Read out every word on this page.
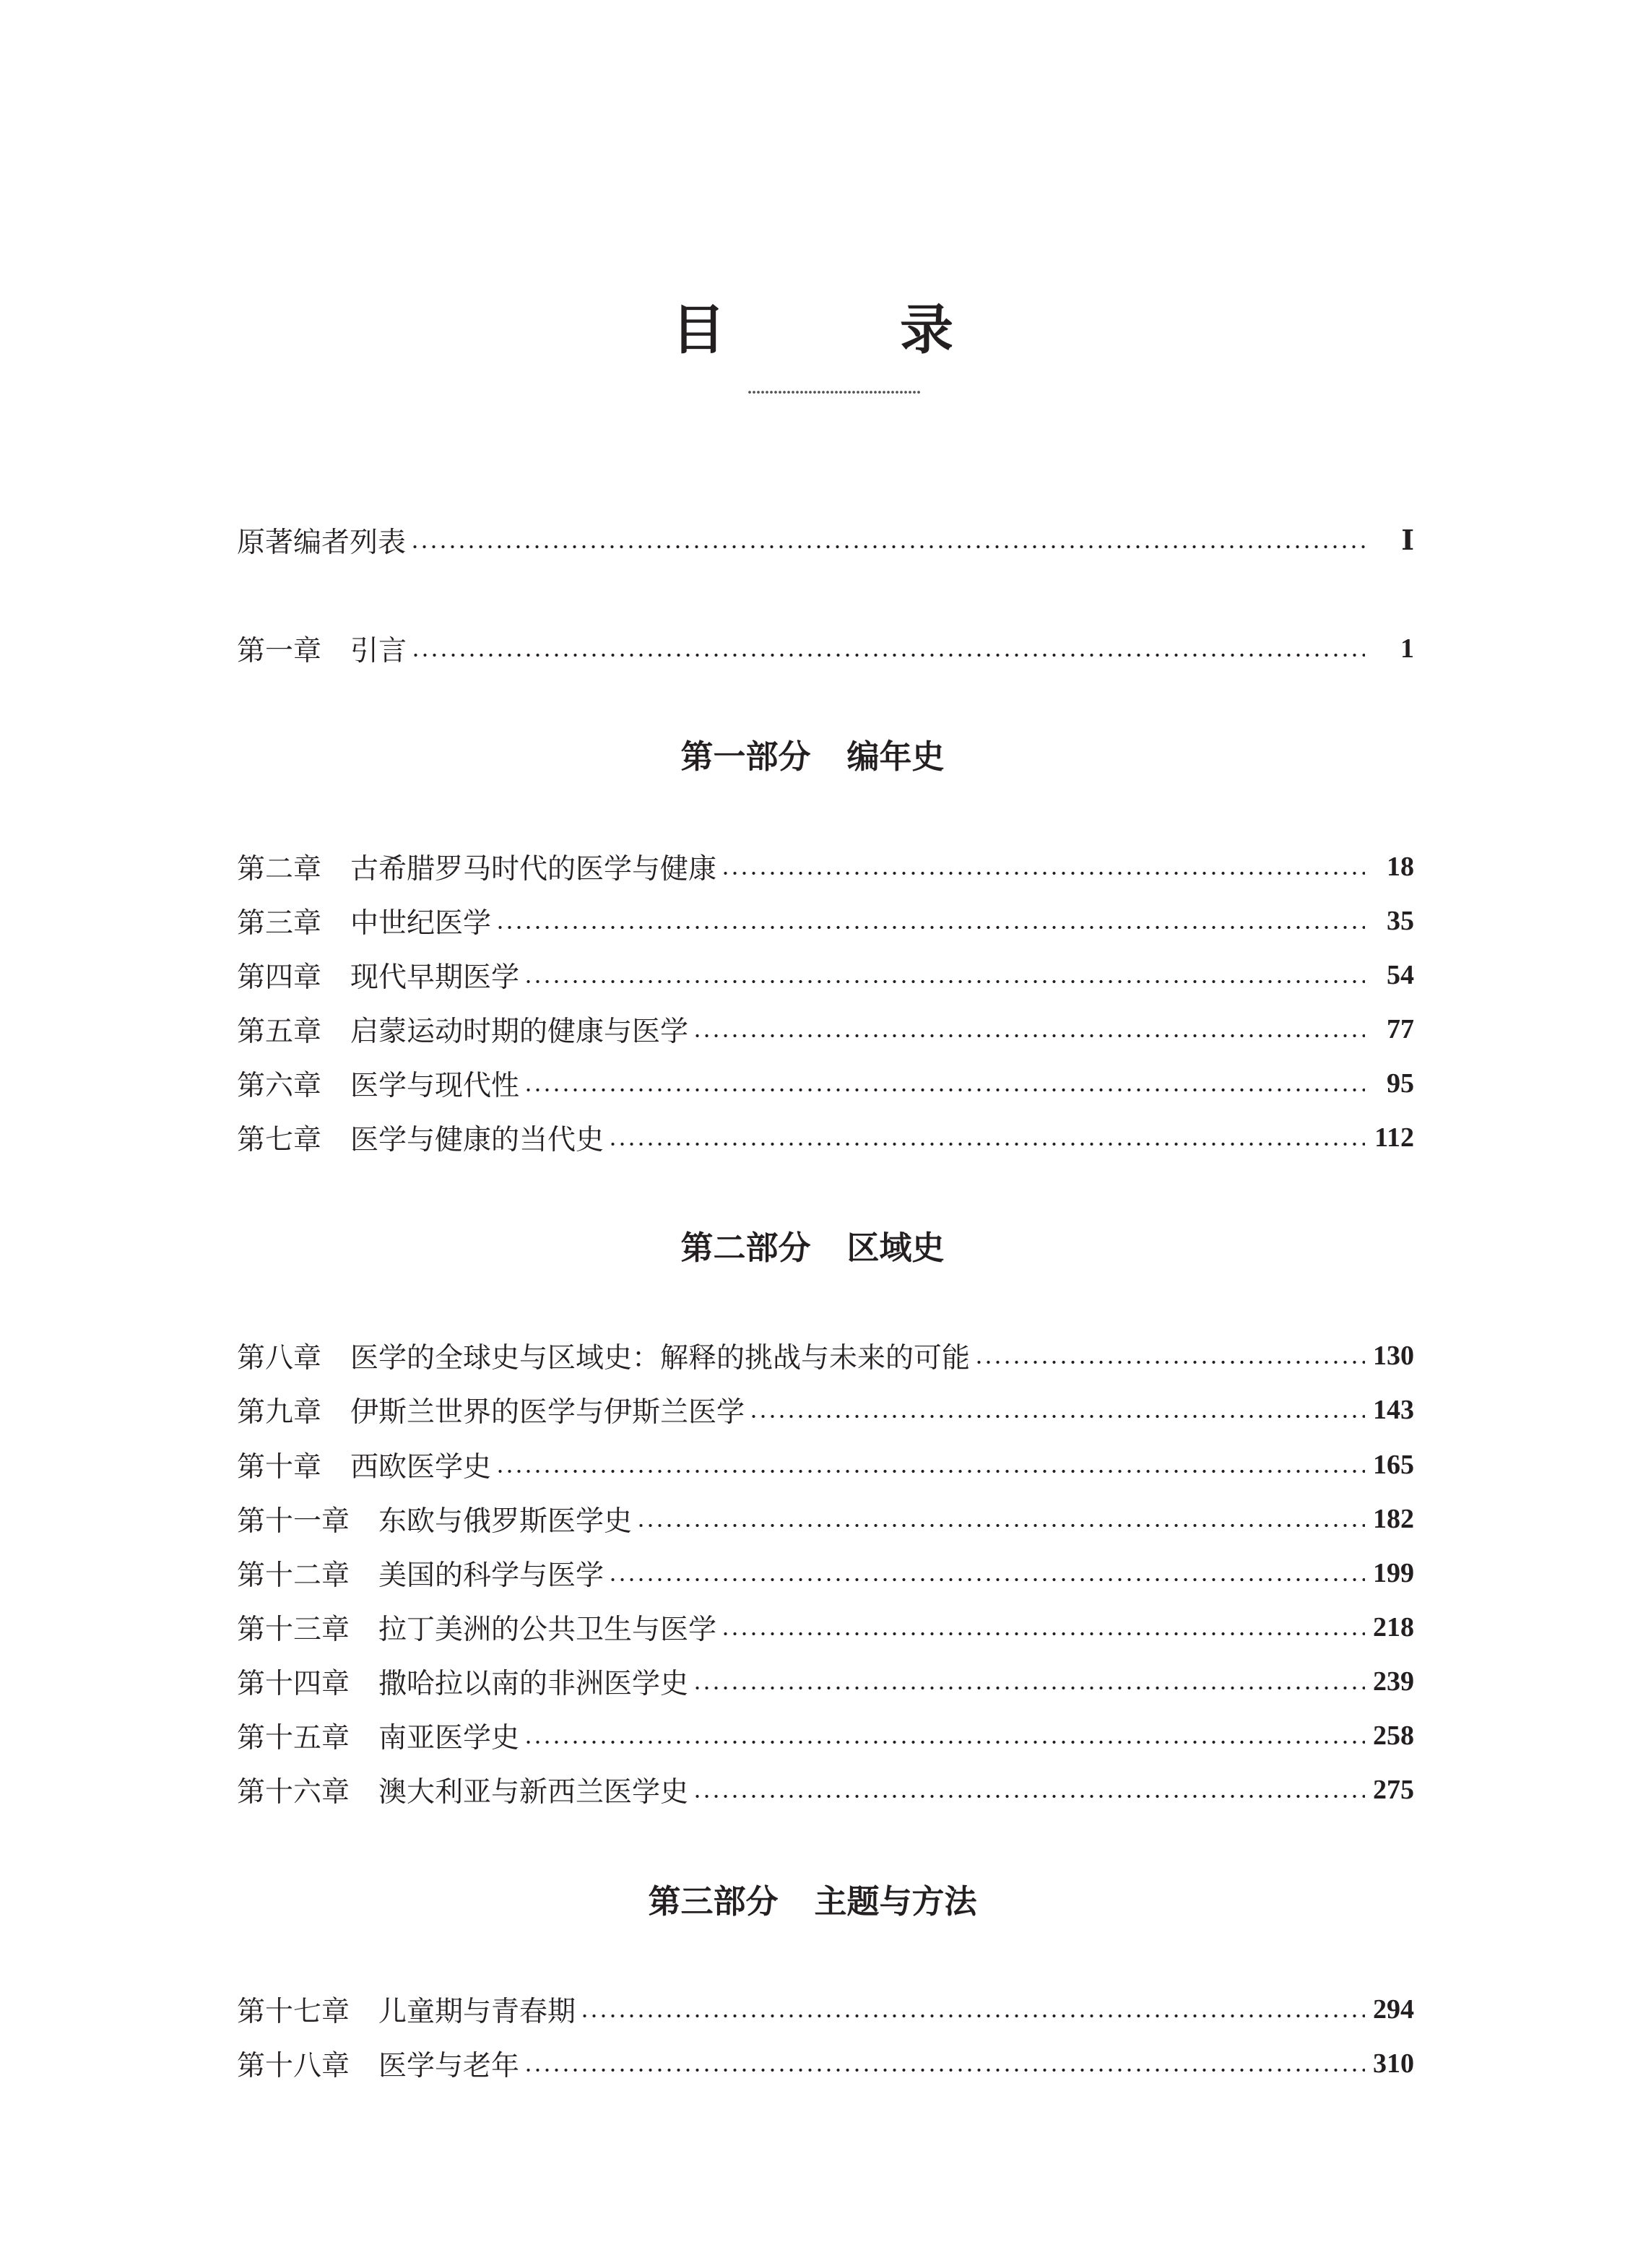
目　录
原著编者列表	Ⅰ
第一章 引言	1
第一部分 编年史
第二章 古希腊罗马时代的医学与健康	18
第三章 中世纪医学	35
第四章 现代早期医学	54
第五章 启蒙运动时期的健康与医学	77
第六章 医学与现代性	95
第七章 医学与健康的当代史	112
第二部分 区域史
第八章 医学的全球史与区域史：解释的挑战与未来的可能	130
第九章 伊斯兰世界的医学与伊斯兰医学	143
第十章 西欧医学史	165
第十一章 东欧与俄罗斯医学史	182
第十二章 美国的科学与医学	199
第十三章 拉丁美洲的公共卫生与医学	218
第十四章 撒哈拉以南的非洲医学史	239
第十五章 南亚医学史	258
第十六章 澳大利亚与新西兰医学史	275
第三部分 主题与方法
第十七章 儿童期与青春期	294
第十八章 医学与老年	310
